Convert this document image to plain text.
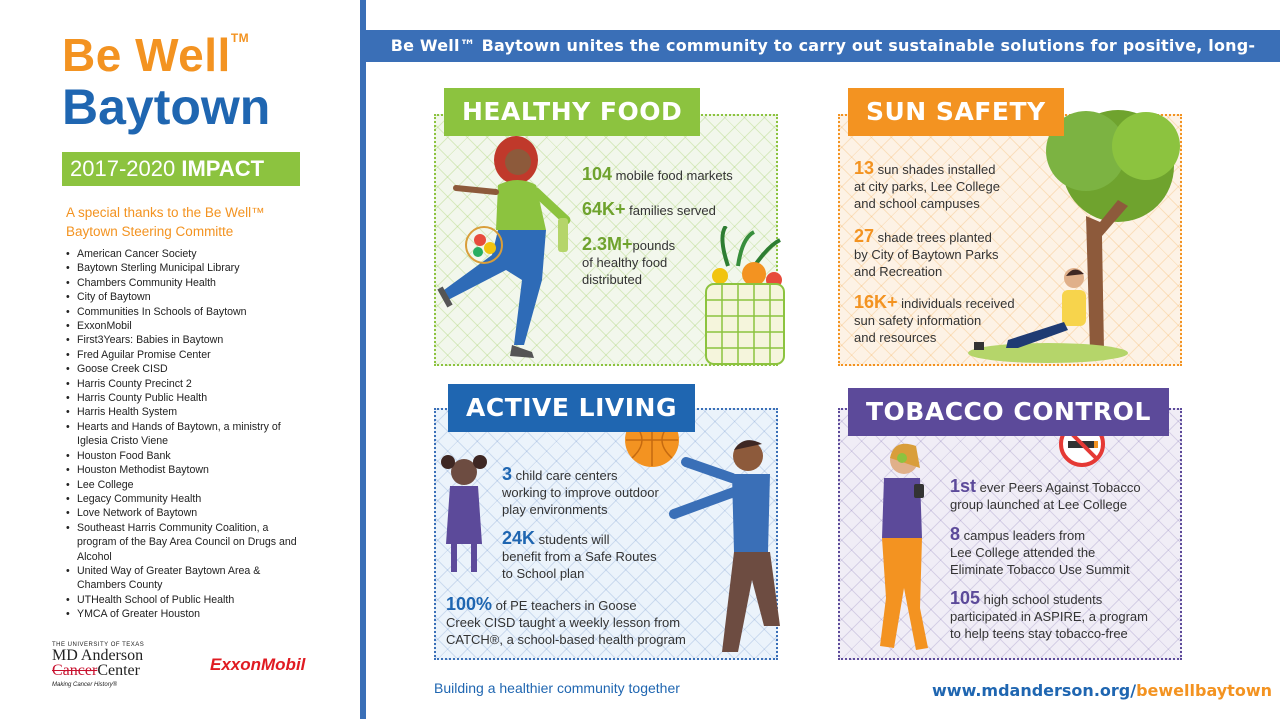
Be Well™
Baytown
2017-2020 IMPACT
A special thanks to the Be Well™ Baytown Steering Committe
• American Cancer Society
• Baytown Sterling Municipal Library
• Chambers Community Health
• City of Baytown
• Communities In Schools of Baytown
• ExxonMobil
• First3Years: Babies in Baytown
• Fred Aguilar Promise Center
• Goose Creek CISD
• Harris County Precinct 2
• Harris County Public Health
• Harris Health System
• Hearts and Hands of Baytown, a ministry of Iglesia Cristo Viene
• Houston Food Bank
• Houston Methodist Baytown
• Lee College
• Legacy Community Health
• Love Network of Baytown
• Southeast Harris Community Coalition, a program of the Bay Area Council on Drugs and Alcohol
• United Way of Greater Baytown Area & Chambers County
• UTHealth School of Public Health
• YMCA of Greater Houston
THE UNIVERSITY OF TEXAS
MD Anderson
CancerCenter
Making Cancer History®
ExxonMobil
Be Well™ Baytown unites the community to carry out sustainable solutions for positive, long-lasting changes in people's lives.
HEALTHY FOOD	SUN SAFETY
ACTIVE LIVING	TOBACCO CONTROL
104 mobile food markets
64K+ families served
2.3M+pounds
of healthy food
distributed
13 sun shades installed
at city parks, Lee College
and school campuses
27 shade trees planted
by City of Baytown Parks
and Recreation
16K+ individuals received
sun safety information
and resources
3 child care centers
working to improve outdoor
play environments
24K students will
benefit from a Safe Routes
to School plan
100% of PE teachers in Goose
Creek CISD taught a weekly lesson from
CATCH®, a school-based health program
1st ever Peers Against Tobacco
group launched at Lee College
8 campus leaders from
Lee College attended the
Eliminate Tobacco Use Summit
105 high school students
participated in ASPIRE, a program
to help teens stay tobacco-free
Building a healthier community together	www.mdanderson.org/bewellbaytown
